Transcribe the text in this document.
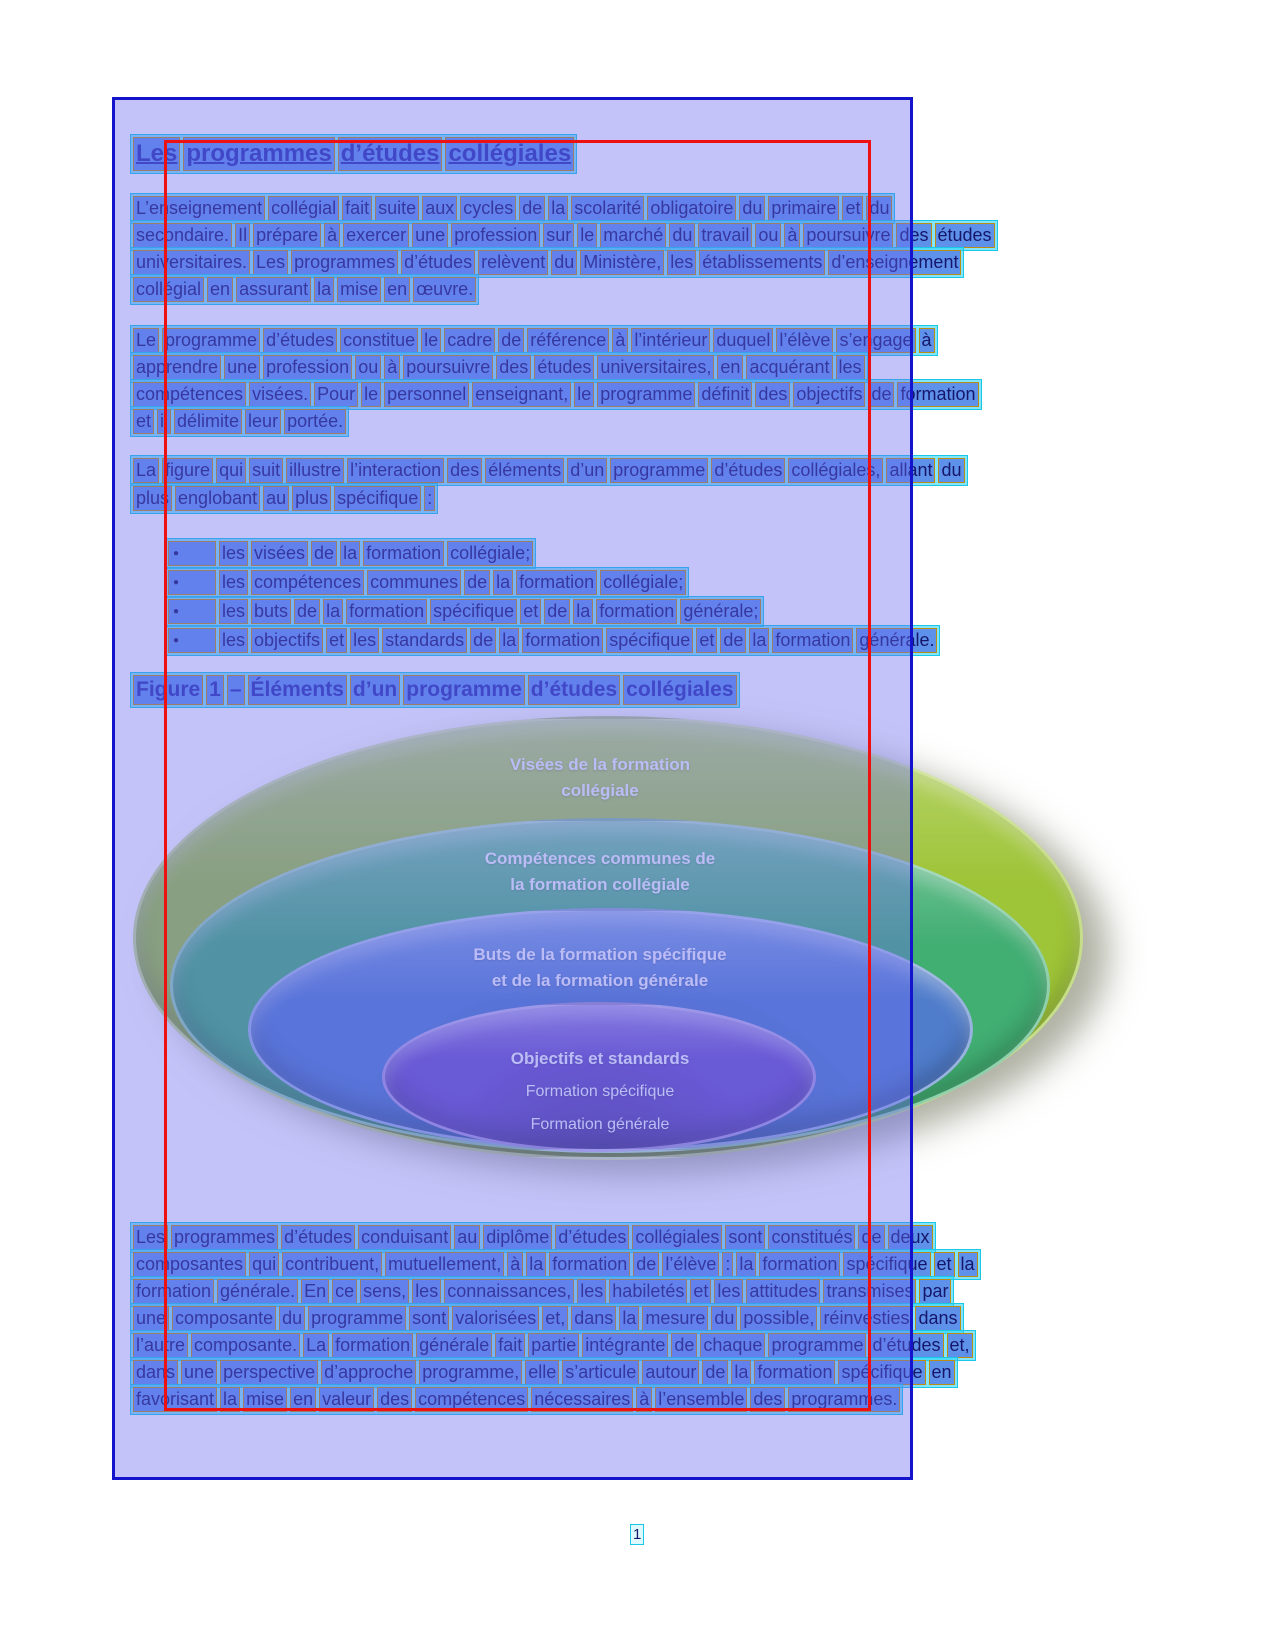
Visées de la formation
collégiale
Compétences communes de
la formation collégiale
Buts de la formation spécifique
et de la formation générale
Objectifs et standards
Formation spécifique
Formation générale
Les programmes d’études collégiales
L’enseignement collégial fait suite aux cycles de la scolarité obligatoire du primaire et du
secondaire. Il prépare à exercer une profession sur le marché du travail ou à poursuivre des études
universitaires. Les programmes d’études relèvent du Ministère, les établissements d’enseignement
collégial en assurant la mise en œuvre.
Le programme d’études constitue le cadre de référence à l’intérieur duquel l’élève s’engage à
apprendre une profession ou à poursuivre des études universitaires, en acquérant les
compétences visées. Pour le personnel enseignant, le programme définit des objectifs de formation
et il délimite leur portée.
La figure qui suit illustre l’interaction des éléments d’un programme d’études collégiales, allant du
plus englobant au plus spécifique :
●	les visées de la formation collégiale;
●	les compétences communes de la formation collégiale;
●	les buts de la formation spécifique et de la formation générale;
●	les objectifs et les standards de la formation spécifique et de la formation générale.
Figure 1 – Éléments d’un programme d’études collégiales
Les programmes d’études conduisant au diplôme d’études collégiales sont constitués de deux
composantes qui contribuent, mutuellement, à la formation de l’élève : la formation spécifique et la
formation générale. En ce sens, les connaissances, les habiletés et les attitudes transmises par
une composante du programme sont valorisées et, dans la mesure du possible, réinvesties dans
l’autre composante. La formation générale fait partie intégrante de chaque programme d’études et,
dans une perspective d’approche programme, elle s’articule autour de la formation spécifique en
favorisant la mise en valeur des compétences nécessaires à l’ensemble des programmes.
1
